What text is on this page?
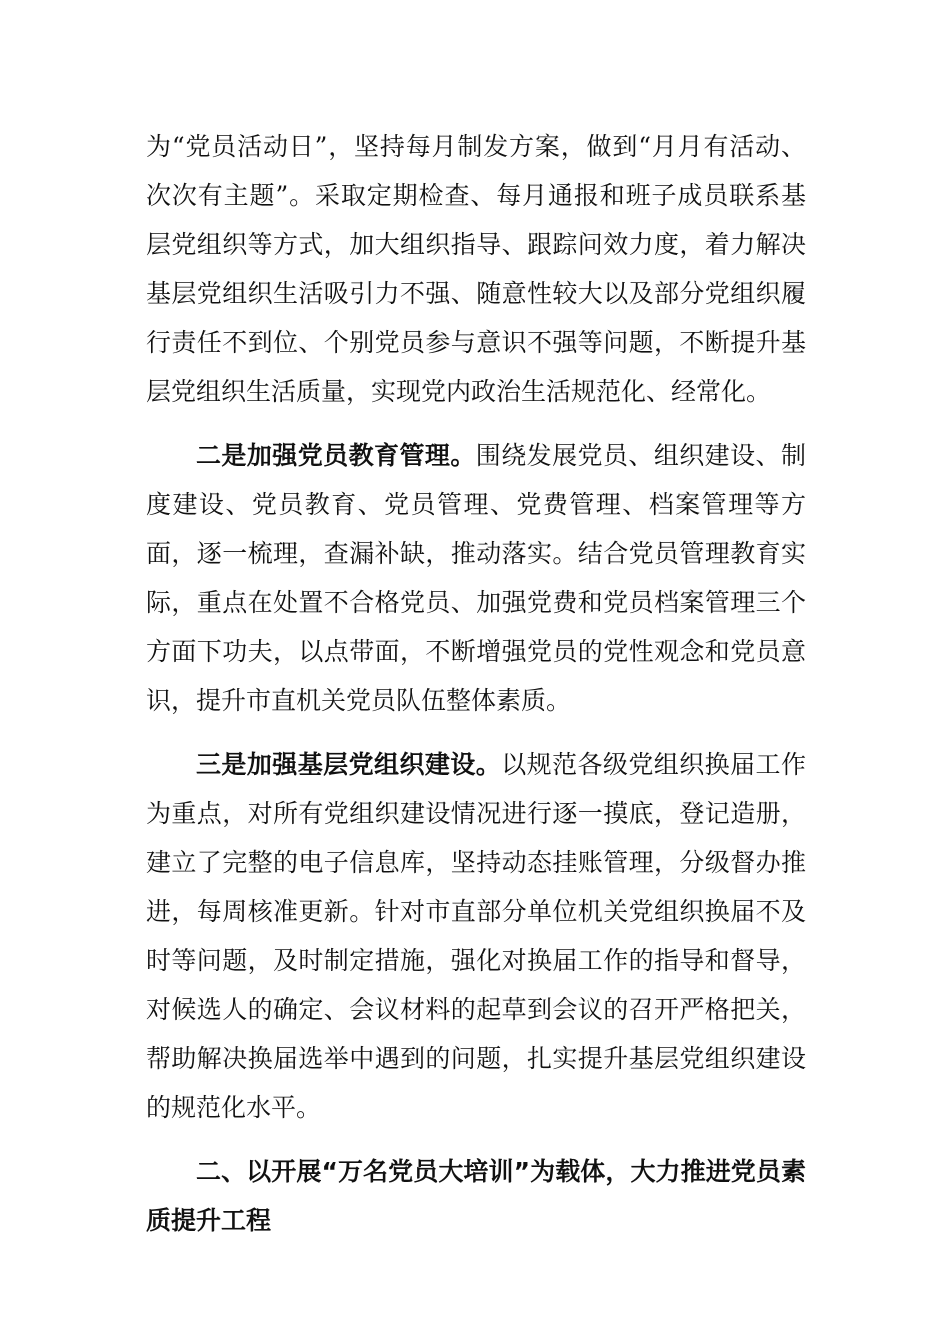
为“党员活动日”，坚持每月制发方案，做到“月月有活动、次次有主题”。采取定期检查、每月通报和班子成员联系基层党组织等方式，加大组织指导、跟踪问效力度，着力解决基层党组织生活吸引力不强、随意性较大以及部分党组织履行责任不到位、个别党员参与意识不强等问题，不断提升基层党组织生活质量，实现党内政治生活规范化、经常化。

二是加强党员教育管理。围绕发展党员、组织建设、制度建设、党员教育、党员管理、党费管理、档案管理等方面，逐一梳理，查漏补缺，推动落实。结合党员管理教育实际，重点在处置不合格党员、加强党费和党员档案管理三个方面下功夫，以点带面，不断增强党员的党性观念和党员意识，提升市直机关党员队伍整体素质。

三是加强基层党组织建设。以规范各级党组织换届工作为重点，对所有党组织建设情况进行逐一摸底，登记造册，建立了完整的电子信息库，坚持动态挂账管理，分级督办推进，每周核准更新。针对市直部分单位机关党组织换届不及时等问题，及时制定措施，强化对换届工作的指导和督导，对候选人的确定、会议材料的起草到会议的召开严格把关，帮助解决换届选举中遇到的问题，扎实提升基层党组织建设的规范化水平。

二、以开展“万名党员大培训”为载体，大力推进党员素质提升工程
